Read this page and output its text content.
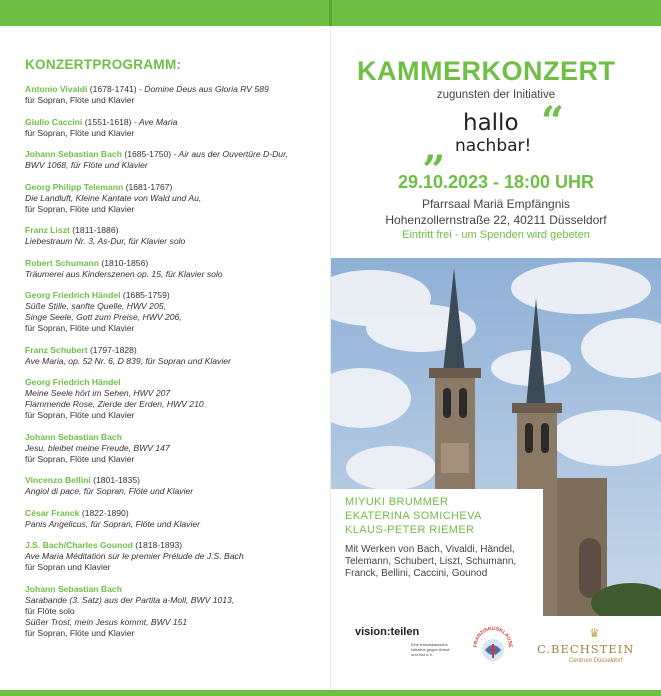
KONZERTPROGRAMM:
Antonio Vivaldi (1678-1741) - Domine Deus aus Gloria RV 589
für Sopran, Flöte und Klavier
Giulio Caccini (1551-1618) - Ave Maria
für Sopran, Flöte und Klavier
Johann Sebastian Bach (1685-1750) - Air aus der Ouvertüre D-Dur,
BWV 1068, für Flöte und Klavier
Georg Philipp Telemann (1681-1767)
Die Landluft, Kleine Kantate von Wald und Au,
für Sopran, Flöte und Klavier
Franz Liszt (1811-1886)
Liebestraum Nr. 3, As-Dur, für Klavier solo
Robert Schumann (1810-1856)
Träumerei aus Kinderszenen op. 15, für Klavier solo
Georg Friedrich Händel (1685-1759)
Süße Stille, sanfte Quelle, HWV 205,
Singe Seele, Gott zum Preise, HWV 206,
für Sopran, Flöte und Klavier
Franz Schubert (1797-1828)
Ave Maria, op. 52 Nr. 6, D 839, für Sopran und Klavier
Georg Friedrich Händel
Meine Seele hört im Sehen, HWV 207
Flammende Rose, Zierde der Erden, HWV 210
für Sopran, Flöte und Klavier
Johann Sebastian Bach
Jesu, bleibet meine Freude, BWV 147
für Sopran, Flöte und Klavier
Vincenzo Bellini (1801-1835)
Angiol di pace, für Sopran, Flöte und Klavier
César Franck (1822-1890)
Panis Angelicus, für Sopran, Flöte und Klavier
J.S. Bach/Charles Gounod (1818-1893)
Ave Maria Méditation sur le premier Prélude de J.S. Bach
für Sopran und Klavier
Johann Sebastian Bach
Sarabande (3. Satz) aus der Partita a-Moll, BWV 1013,
für Flöte solo
Süßer Trost, mein Jesus kommt, BWV 151
für Sopran, Flöte und Klavier
KAMMERKONZERT
zugunsten der Initiative
„
hallo
nachbar!
“
29.10.2023 - 18:00 UHR
Pfarrsaal Mariä Empfängnis
Hohenzollernstraße 22, 40211 Düsseldorf
Eintritt frei - um Spenden wird gebeten
MIYUKI BRUMMER
EKATERINA SOMICHEVA
KLAUS-PETER RIEMER
Mit Werken von Bach, Vivaldi, Händel,
Telemann, Schubert, Liszt, Schumann,
Franck, Bellini, Caccini, Gounod
vision:teilen
Eine franziskanische Initiative gegen Armut und Not e.V.
FRANZISKUSKLAUSE
♛
C.BECHSTEIN
Centrum Düsseldorf
